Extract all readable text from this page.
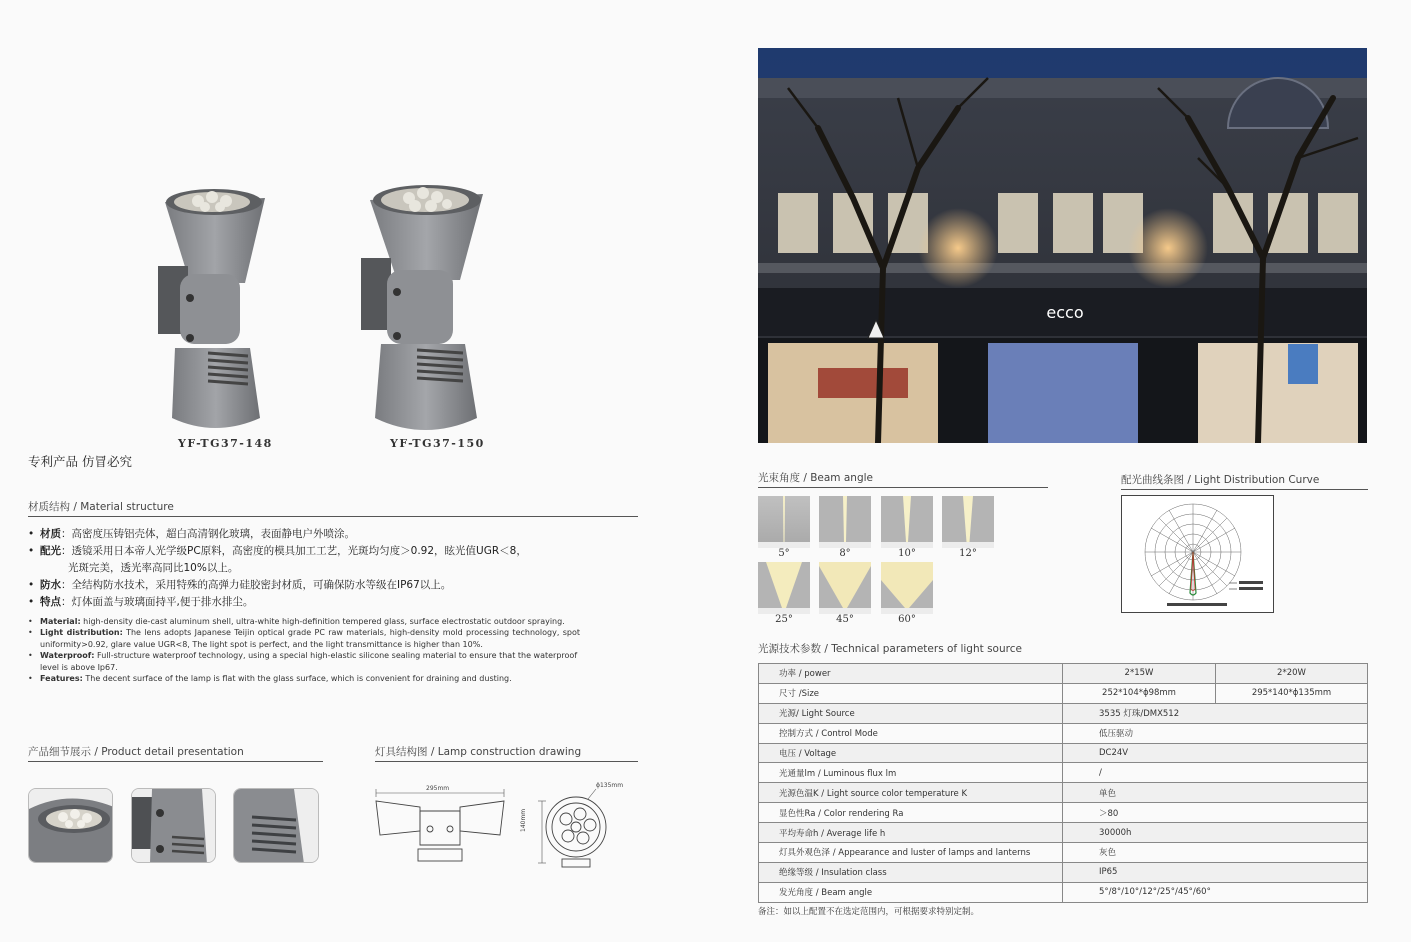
YF-TG37-148	YF-TG37-150
专利产品 仿冒必究
材质结构 / Material structure
• 材质：高密度压铸铝壳体，超白高清钢化玻璃，表面静电户外喷涂。
• 配光：透镜采用日本帝人光学级PC原料，高密度的模具加工工艺，光斑均匀度＞0.92，眩光值UGR＜8，
光斑完美，透光率高同比10%以上。
• 防水：全结构防水技术，采用特殊的高弹力硅胶密封材质，可确保防水等级在IP67以上。
• 特点：灯体面盖与玻璃面持平,便于排水排尘。
• Material: high-density die-cast aluminum shell, ultra-white high-definition tempered glass, surface electrostatic outdoor spraying.
• Light distribution: The lens adopts Japanese Teijin optical grade PC raw materials, high-density mold processing technology, spot uniformity>0.92, glare value UGR<8, The light spot is perfect, and the light transmittance is higher than 10%.
• Waterproof: Full-structure waterproof technology, using a special high-elastic silicone sealing material to ensure that the waterproof level is above Ip67.
• Features: The decent surface of the lamp is flat with the glass surface, which is convenient for draining and dusting.
产品细节展示 / Product detail presentation	灯具结构图 / Lamp construction drawing
295mm	ϕ135mm
140mm
ecco
光束角度 / Beam angle
5°	8°	10°	12°
25°	45°	60°
配光曲线条图 / Light Distribution Curve
光源技术参数 / Technical parameters of light source
功率 / power	2*15W	2*20W
尺寸 /Size	252*104*ϕ98mm	295*140*ϕ135mm
光源/ Light Source	3535 灯珠/DMX512	
控制方式 / Control Mode	低压驱动	
电压 / Voltage	DC24V	
光通量lm / Luminous flux lm	/	
光源色温K / Light source color temperature K	单色	
显色性Ra / Color rendering Ra	＞80	
平均寿命h / Average life h	30000h	
灯具外观色泽 / Appearance and luster of lamps and lanterns	灰色	
绝缘等级 / Insulation class	IP65	
发光角度 / Beam angle	5°/8°/10°/12°/25°/45°/60°	
备注：如以上配置不在选定范围内，可根据要求特别定制。
